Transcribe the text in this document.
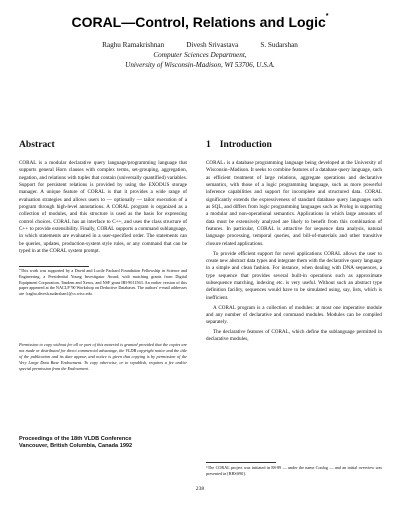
CORAL—Control, Relations and Logic*
Raghu Ramakrishnan	Divesh Srivastava	S. Sudarshan
Computer Sciences Department,
University of Wisconsin-Madison, WI 53706, U.S.A.
Abstract

CORAL is a modular declarative query language/programming language that supports general Horn clauses with complex terms, set-grouping, aggregation, negation, and relations with tuples that contain (universally quantified) variables. Support for persistent relations is provided by using the EXODUS storage manager. A unique feature of CORAL is that it provides a wide range of evaluation strategies and allows users to — optionally — tailor execution of a program through high-level annotations. A CORAL program is organized as a collection of modules, and this structure is used as the basis for expressing control choices. CORAL has an interface to C++, and uses the class structure of C++ to provide extensibility. Finally, CORAL supports a command sublanguage, in which statements are evaluated in a user-specified order. The statements can be queries, updates, production-system style rules, or any command that can be typed in at the CORAL system prompt.

*This work was supported by a David and Lucile Packard Foundation Fellowship in Science and Engineering, a Presidential Young Investigator Award, with matching grants from Digital Equipment Corporation, Tandem and Xerox, and NSF grant IRI-9011563. An earlier version of this paper appeared at the NACLP '90 Workshop on Deductive Databases. The authors' e-mail addresses are {raghu,divesh,sudarshan}@cs.wisc.edu.
Permission to copy without fee all or part of this material is granted provided that the copies are not made or distributed for direct commercial advantage, the VLDB copyright notice and the title of the publication and its date appear, and notice is given that copying is by permission of the Very Large Data Base Endowment. To copy otherwise, or to republish, requires a fee and/or special permission from the Endowment.
Proceedings of the 18th VLDB Conference
Vancouver, British Columbia, Canada 1992
1 Introduction

CORAL$^1$ is a database programming language being developed at the University of Wisconsin–Madison. It seeks to combine features of a database query language, such as efficient treatment of large relations, aggregate operations and declarative semantics, with those of a logic programming language, such as more powerful inference capabilities and support for incomplete and structured data. CORAL significantly extends the expressiveness of standard database query languages such as SQL, and differs from logic programming languages such as Prolog in supporting a modular and non-operational semantics. Applications in which large amounts of data must be extensively analyzed are likely to benefit from this combination of features. In particular, CORAL is attractive for sequence data analysis, natural language processing, temporal queries, and bill-of-materials and other transitive closure related applications.

To provide efficient support for novel applications CORAL allows the user to create new abstract data types and integrate them with the declarative query language in a simple and clean fashion. For instance, when dealing with DNA sequences, a type sequence that provides several built-in operations such as approximate subsequence matching, indexing etc. is very useful. Without such an abstract type definition facility, sequences would have to be simulated using, say, lists, which is inefficient.

A CORAL program is a collection of modules: at most one imperative module and any number of declarative and command modules. Modules can be compiled separately.

The declarative features of CORAL, which define the sublanguage permitted in declarative modules,

$^1$The CORAL project was initiated in 88-89 — under the name Conlog — and an initial overview was presented in [RBSS90].
238
